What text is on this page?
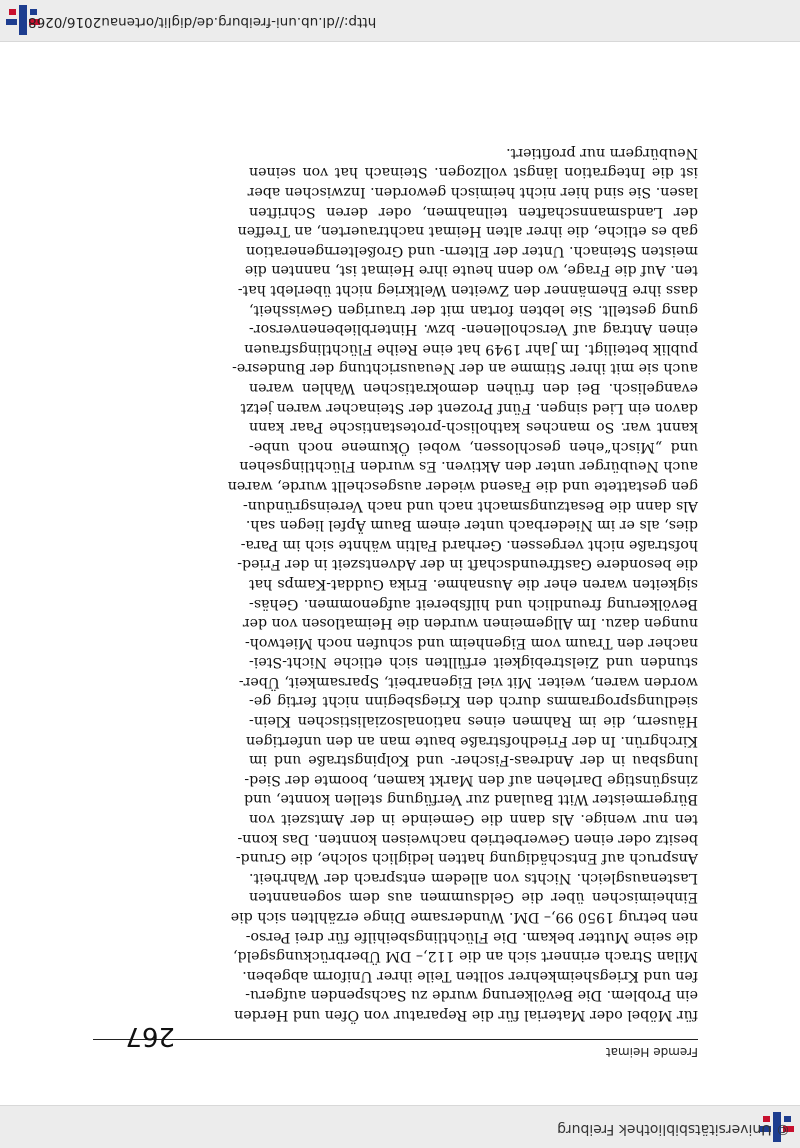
© Universitätsbibliothek Freiburg
Fremde Heimat
267
für Möbel oder Material für die Reparatur von Öfen und Herden
ein Problem. Die Bevölkerung wurde zu Sachspenden aufgeru-
fen und Kriegsheimkehrer sollten Teile ihrer Uniform abgeben.
Milan Strach erinnert sich an die 112,– DM Überbrückungsgeld,
die seine Mutter bekam. Die Flüchtlingsbeihilfe für drei Perso-
nen betrug 1950 99,– DM. Wundersame Dinge erzählten sich die
Einheimischen über die Geldsummen aus dem sogenannten
Lastenausgleich. Nichts von alledem entsprach der Wahrheit.
Anspruch auf Entschädigung hatten lediglich solche, die Grund-
besitz oder einen Gewerbetrieb nachweisen konnten. Das konn-
ten nur wenige. Als dann die Gemeinde in der Amtszeit von
Bürgermeister Witt Bauland zur Verfügung stellen konnte, und
zinsgünstige Darlehen auf den Markt kamen, boomte der Sied-
lungsbau in der Andreas-Fischer- und Kolpingstraße und im
Kirchgrün. In der Friedhofstraße baute man an den unfertigen
Häusern, die im Rahmen eines nationalsozialistischen Klein-
siedlungsprogramms durch den Kriegsbeginn nicht fertig ge-
worden waren, weiter. Mit viel Eigenarbeit, Sparsamkeit, Über-
stunden und Zielstrebigkeit erfüllten sich etliche Nicht-Stei-
nacher den Traum vom Eigenheim und schufen noch Mietwoh-
nungen dazu. Im Allgemeinen wurden die Heimatlosen von der
Bevölkerung freundlich und hilfsbereit aufgenommen. Gehäs-
sigkeiten waren eher die Ausnahme. Erika Guddat-Kamps hat
die besondere Gastfreundschaft in der Adventszeit in der Fried-
hofstraße nicht vergessen. Gerhard Faltin wähnte sich im Para-
dies, als er im Niederbach unter einem Baum Äpfel liegen sah.
Als dann die Besatzungsmacht nach und nach Vereinsgründun-
gen gestattete und die Fasend wieder ausgeschellt wurde, waren
auch Neubürger unter den Aktiven. Es wurden Flüchtlingsehen
und „Misch“ehen geschlossen, wobei Ökumene noch unbe-
kannt war. So manches katholisch-protestantische Paar kann
davon ein Lied singen. Fünf Prozent der Steinacher waren jetzt
evangelisch. Bei den frühen demokratischen Wahlen waren
auch sie mit ihrer Stimme an der Neuausrichtung der Bundesre-
publik beteiligt. Im Jahr 1949 hat eine Reihe Flüchtlingsfrauen
einen Antrag auf Verschollenen- bzw. Hinterbliebenenversor-
gung gestellt. Sie lebten fortan mit der traurigen Gewissheit,
dass ihre Ehemänner den Zweiten Weltkrieg nicht überlebt hat-
ten. Auf die Frage, wo denn heute ihre Heimat ist, nannten die
meisten Steinach. Unter der Eltern- und Großelterngeneration
gab es etliche, die ihrer alten Heimat nachtrauerten, an Treffen
der Landsmannschaften teilnahmen, oder deren Schriften
lasen. Sie sind hier nicht heimisch geworden. Inzwischen aber
ist die Integration längst vollzogen. Steinach hat von seinen
Neubürgern nur profitiert.
http://dl.ub.uni-freiburg.de/diglit/ortenau2016/0268
